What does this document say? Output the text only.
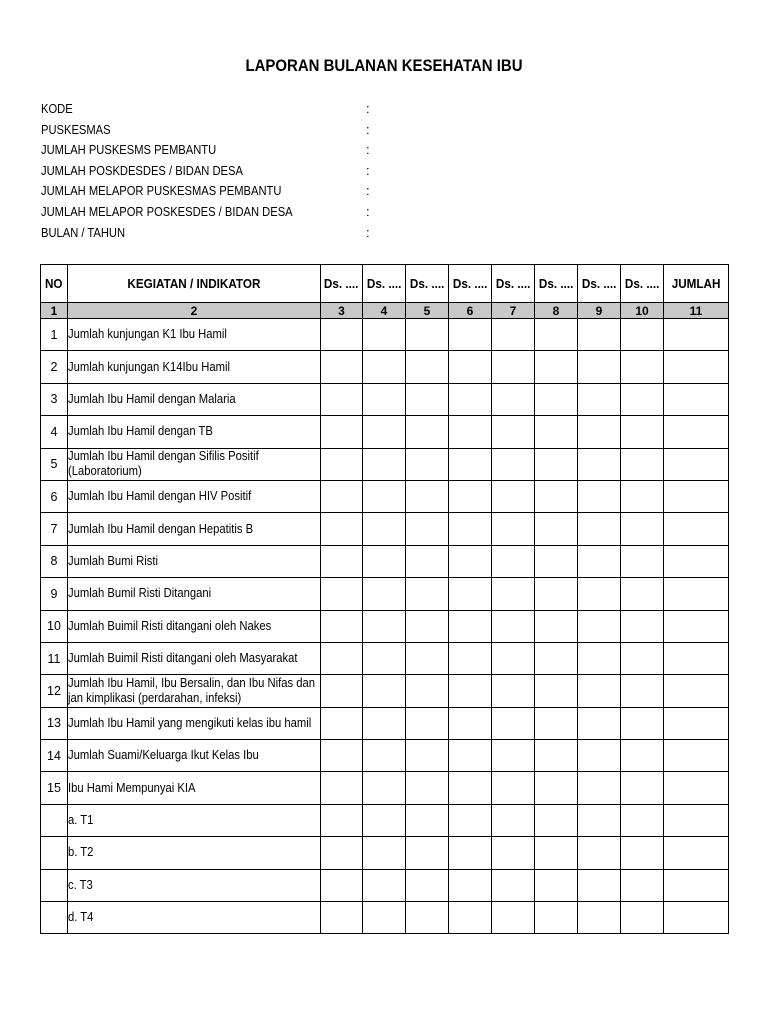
LAPORAN BULANAN KESEHATAN IBU
KODE	:
PUSKESMAS	:
JUMLAH PUSKESMS PEMBANTU	:
JUMLAH POSKDESDES / BIDAN DESA	:
JUMLAH MELAPOR PUSKESMAS PEMBANTU	:
JUMLAH MELAPOR POSKESDES / BIDAN DESA	:
BULAN / TAHUN	:
NO	KEGIATAN / INDIKATOR	Ds. ....	Ds. ....	Ds. ....	Ds. ....	Ds. ....	Ds. ....	Ds. ....	Ds. ....	JUMLAH
1	2	3	4	5	6	7	8	9	10	11
1	Jumlah kunjungan K1 Ibu Hamil									
2	Jumlah kunjungan K14Ibu Hamil									
3	Jumlah Ibu Hamil dengan Malaria									
4	Jumlah Ibu Hamil dengan TB									
5	Jumlah Ibu Hamil dengan Sifilis Positif (Laboratorium)									
6	Jumlah Ibu Hamil dengan HIV Positif									
7	Jumlah Ibu Hamil dengan Hepatitis B									
8	Jumlah Bumi Risti									
9	Jumlah Bumil Risti Ditangani									
10	Jumlah Buimil Risti ditangani oleh Nakes									
11	Jumlah Buimil Risti ditangani oleh Masyarakat									
12	Jumlah Ibu Hamil, Ibu Bersalin, dan Ibu Nifas dan jan kimplikasi (perdarahan, infeksi)									
13	Jumlah Ibu Hamil yang mengikuti kelas ibu hamil									
14	Jumlah Suami/Keluarga Ikut Kelas Ibu									
15	Ibu Hami Mempunyai KIA									
	a. T1									
	b. T2									
	c. T3									
	d. T4									
